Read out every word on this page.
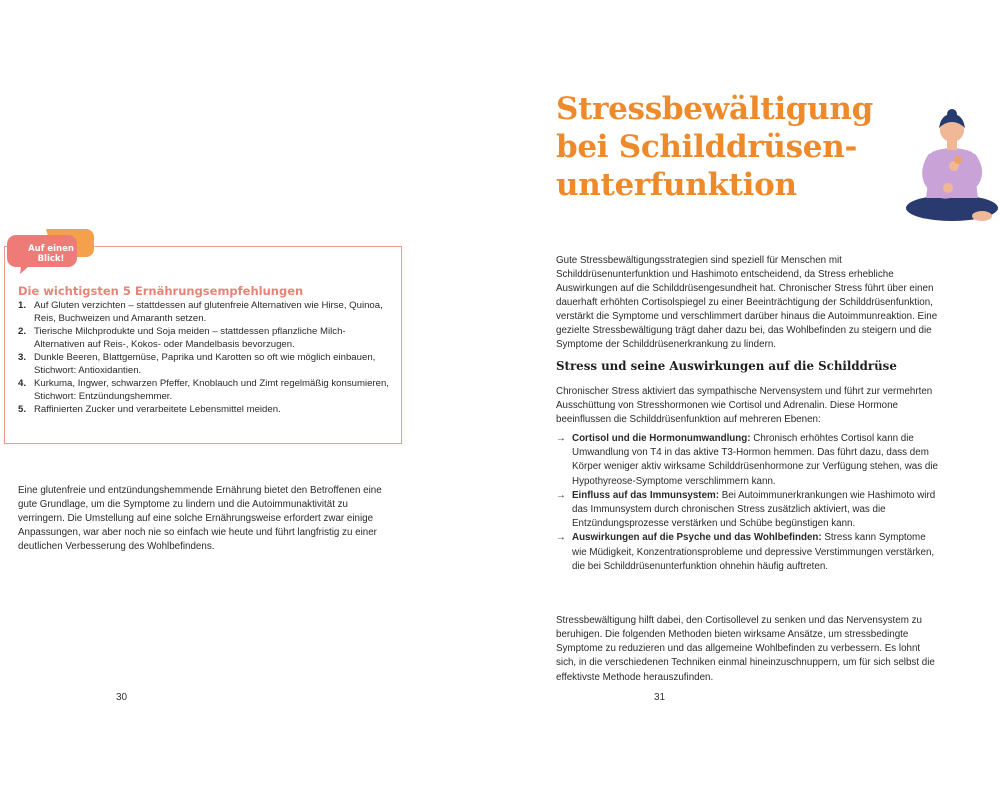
Auf einen Blick!
Die wichtigsten 5 Ernährungsempfehlungen
1. Auf Gluten verzichten – stattdessen auf glutenfreie Alternativen wie Hirse, Quinoa, Reis, Buchweizen und Amaranth setzen.
2. Tierische Milchprodukte und Soja meiden – stattdessen pflanzliche Milch-Alternativen auf Reis-, Kokos- oder Mandelbasis bevorzugen.
3. Dunkle Beeren, Blattgemüse, Paprika und Karotten so oft wie möglich einbauen, Stichwort: Antioxidantien.
4. Kurkuma, Ingwer, schwarzen Pfeffer, Knoblauch und Zimt regelmäßig konsumieren, Stichwort: Entzündungshemmer.
5. Raffinierten Zucker und verarbeitete Lebensmittel meiden.

Eine glutenfreie und entzündungshemmende Ernährung bietet den Betroffenen eine gute Grundlage, um die Symptome zu lindern und die Autoimmunaktivität zu verringern. Die Umstellung auf eine solche Ernährungsweise erfordert zwar einige Anpassungen, war aber noch nie so einfach wie heute und führt langfristig zu einer deutlichen Verbesserung des Wohlbefindens.

30
Stressbewältigung bei Schilddrüsen-unterfunktion

Gute Stressbewältigungsstrategien sind speziell für Menschen mit Schilddrüsenunterfunktion und Hashimoto entscheidend, da Stress erhebliche Auswirkungen auf die Schilddrüsengesundheit hat. Chronischer Stress führt über einen dauerhaft erhöhten Cortisolspiegel zu einer Beeinträchtigung der Schilddrüsenfunktion, verstärkt die Symptome und verschlimmert darüber hinaus die Autoimmunreaktion. Eine gezielte Stressbewältigung trägt daher dazu bei, das Wohlbefinden zu steigern und die Symptome der Schilddrüsenerkrankung zu lindern.

Stress und seine Auswirkungen auf die Schilddrüse

Chronischer Stress aktiviert das sympathische Nervensystem und führt zur vermehrten Ausschüttung von Stresshormonen wie Cortisol und Adrenalin. Diese Hormone beeinflussen die Schilddrüsenfunktion auf mehreren Ebenen:

→ Cortisol und die Hormonumwandlung: Chronisch erhöhtes Cortisol kann die Umwandlung von T4 in das aktive T3-Hormon hemmen. Das führt dazu, dass dem Körper weniger aktiv wirksame Schilddrüsenhormone zur Verfügung stehen, was die Hypothyreose-Symptome verschlimmern kann.
→ Einfluss auf das Immunsystem: Bei Autoimmunerkrankungen wie Hashimoto wird das Immunsystem durch chronischen Stress zusätzlich aktiviert, was die Entzündungsprozesse verstärken und Schübe begünstigen kann.
→ Auswirkungen auf die Psyche und das Wohlbefinden: Stress kann Symptome wie Müdigkeit, Konzentrationsprobleme und depressive Verstimmungen verstärken, die bei Schilddrüsenunterfunktion ohnehin häufig auftreten.

Stressbewältigung hilft dabei, den Cortisollevel zu senken und das Nervensystem zu beruhigen. Die folgenden Methoden bieten wirksame Ansätze, um stressbedingte Symptome zu reduzieren und das allgemeine Wohlbefinden zu verbessern. Es lohnt sich, in die verschiedenen Techniken einmal hineinzuschnuppern, um für sich selbst die effektivste Methode herauszufinden.

31
